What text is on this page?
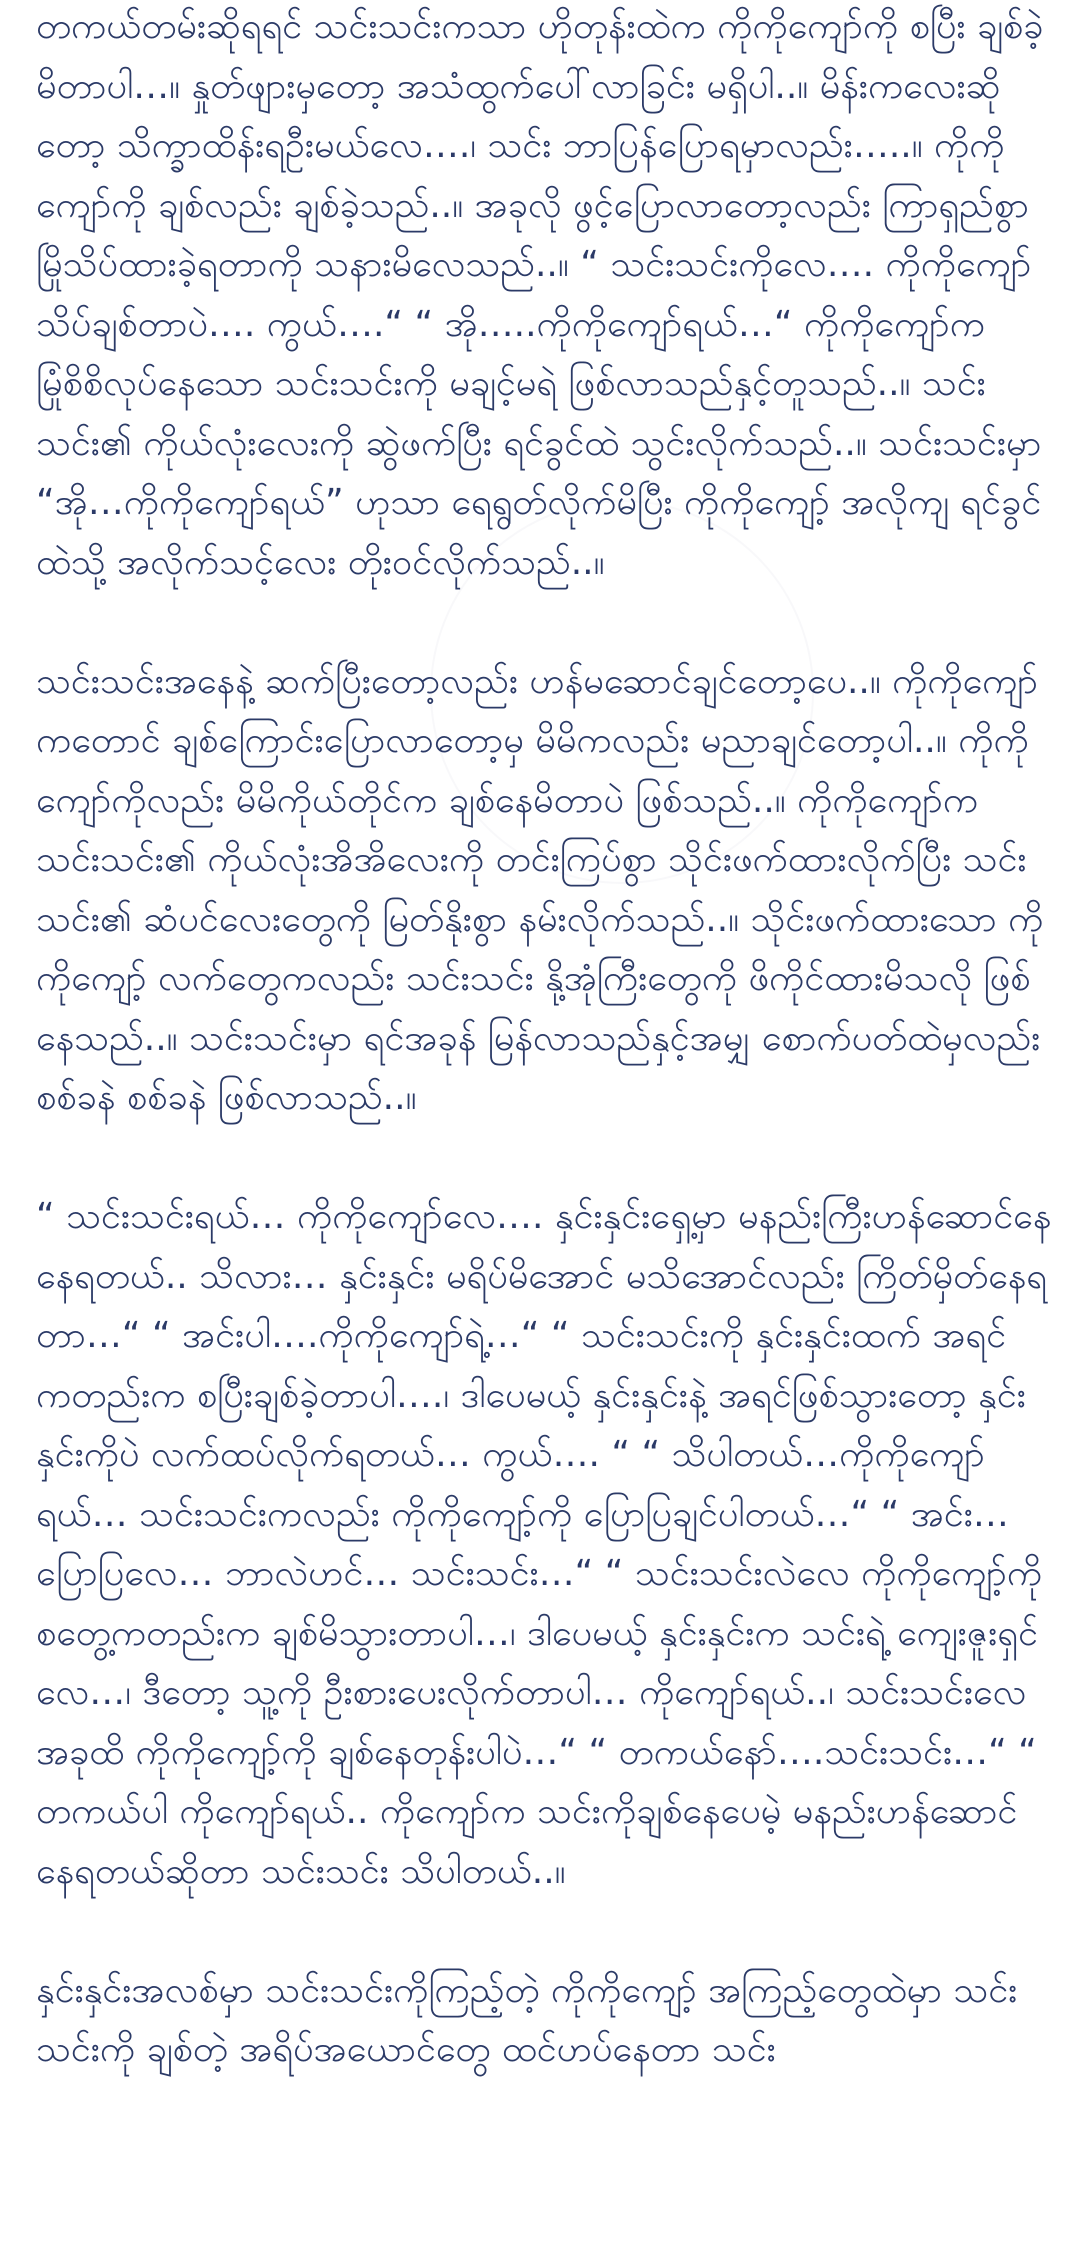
တကယ်တမ်းဆိုရရင် သင်းသင်းကသာ ဟိုတုန်းထဲက ကိုကိုကျော်ကို စပြီး ချစ်ခဲ့မိတာပါ…။ နှုတ်ဖျားမှတော့ အသံထွက်ပေါ်လာခြင်း မရှိပါ..။ မိန်းကလေးဆိုတော့ သိက္ခာထိန်းရဦးမယ်လေ….၊ သင်း ဘာပြန်ပြောရမှာလည်း…..။ ကိုကိုကျော်ကို ချစ်လည်း ချစ်ခဲ့သည်..။ အခုလို ဖွင့်ပြောလာတော့လည်း ကြာရှည်စွာ မြိုသိပ်ထားခဲ့ရတာကို သနားမိလေသည်..။ “ သင်းသင်းကိုလေ…. ကိုကိုကျော် သိပ်ချစ်တာပဲ…. ကွယ်….“ “ အို…..ကိုကိုကျော်ရယ်…“ ကိုကိုကျော်က မြုံစိစိလုပ်နေသော သင်းသင်းကို မချင့်မရဲ ဖြစ်လာသည်နှင့်တူသည်..။ သင်းသင်း၏ ကိုယ်လုံးလေးကို ဆွဲဖက်ပြီး ရင်ခွင်ထဲ သွင်းလိုက်သည်..။ သင်းသင်းမှာ “အို…ကိုကိုကျော်ရယ်” ဟုသာ ရေရွတ်လိုက်မိပြီး ကိုကိုကျော့် အလိုကျ ရင်ခွင်ထဲသို့ အလိုက်သင့်လေး တိုးဝင်လိုက်သည်..။

သင်းသင်းအနေနဲ့ ဆက်ပြီးတော့လည်း ဟန်မဆောင်ချင်တော့ပေ..။ ကိုကိုကျော်ကတောင် ချစ်ကြောင်းပြောလာတော့မှ မိမိကလည်း မညာချင်တော့ပါ..။ ကိုကိုကျော်ကိုလည်း မိမိကိုယ်တိုင်က ချစ်နေမိတာပဲ ဖြစ်သည်..။ ကိုကိုကျော်က သင်းသင်း၏ ကိုယ်လုံးအိအိလေးကို တင်းကြပ်စွာ သိုင်းဖက်ထားလိုက်ပြီး သင်းသင်း၏ ဆံပင်လေးတွေကို မြတ်နိုးစွာ နမ်းလိုက်သည်..။ သိုင်းဖက်ထားသော ကိုကိုကျော့် လက်တွေကလည်း သင်းသင်း နို့အုံကြီးတွေကို ဖိကိုင်ထားမိသလို ဖြစ်နေသည်..။ သင်းသင်းမှာ ရင်အခုန် မြန်လာသည်နှင့်အမျှ စောက်ပတ်ထဲမှလည်း စစ်ခနဲ စစ်ခနဲ ဖြစ်လာသည်..။

“ သင်းသင်းရယ်… ကိုကိုကျော်လေ…. နှင်းနှင်းရှေ့မှာ မနည်းကြီးဟန်ဆောင်နေ နေရတယ်.. သိလား… နှင်းနှင်း မရိပ်မိအောင် မသိအောင်လည်း ကြိတ်မှိတ်နေရတာ…“ “ အင်းပါ….ကိုကိုကျော်ရဲ့…“ “ သင်းသင်းကို နှင်းနှင်းထက် အရင်ကတည်းက စပြီးချစ်ခဲ့တာပါ….၊ ဒါပေမယ့် နှင်းနှင်းနဲ့ အရင်ဖြစ်သွားတော့ နှင်းနှင်းကိုပဲ လက်ထပ်လိုက်ရတယ်… ကွယ်…. “ “ သိပါတယ်…ကိုကိုကျော်ရယ်… သင်းသင်းကလည်း ကိုကိုကျော့်ကို ပြောပြချင်ပါတယ်…“ “ အင်း… ပြောပြလေ… ဘာလဲဟင်… သင်းသင်း…“ “ သင်းသင်းလဲလေ ကိုကိုကျော့်ကို စတွေ့ကတည်းက ချစ်မိသွားတာပါ…၊ ဒါပေမယ့် နှင်းနှင်းက သင်းရဲ့ ကျေးဇူးရှင်လေ…၊ ဒီတော့ သူ့ကို ဦးစားပေးလိုက်တာပါ… ကိုကျော်ရယ်..၊ သင်းသင်းလေ အခုထိ ကိုကိုကျော့်ကို ချစ်နေတုန်းပါပဲ…“ “ တကယ်နော်….သင်းသင်း…“ “ တကယ်ပါ ကိုကျော်ရယ်.. ကိုကျော်က သင်းကိုချစ်နေပေမဲ့ မနည်းဟန်ဆောင်နေရတယ်ဆိုတာ သင်းသင်း သိပါတယ်..။

နှင်းနှင်းအလစ်မှာ သင်းသင်းကိုကြည့်တဲ့ ကိုကိုကျော့် အကြည့်တွေထဲမှာ သင်းသင်းကို ချစ်တဲ့ အရိပ်အယောင်တွေ ထင်ဟပ်နေတာ သင်း
